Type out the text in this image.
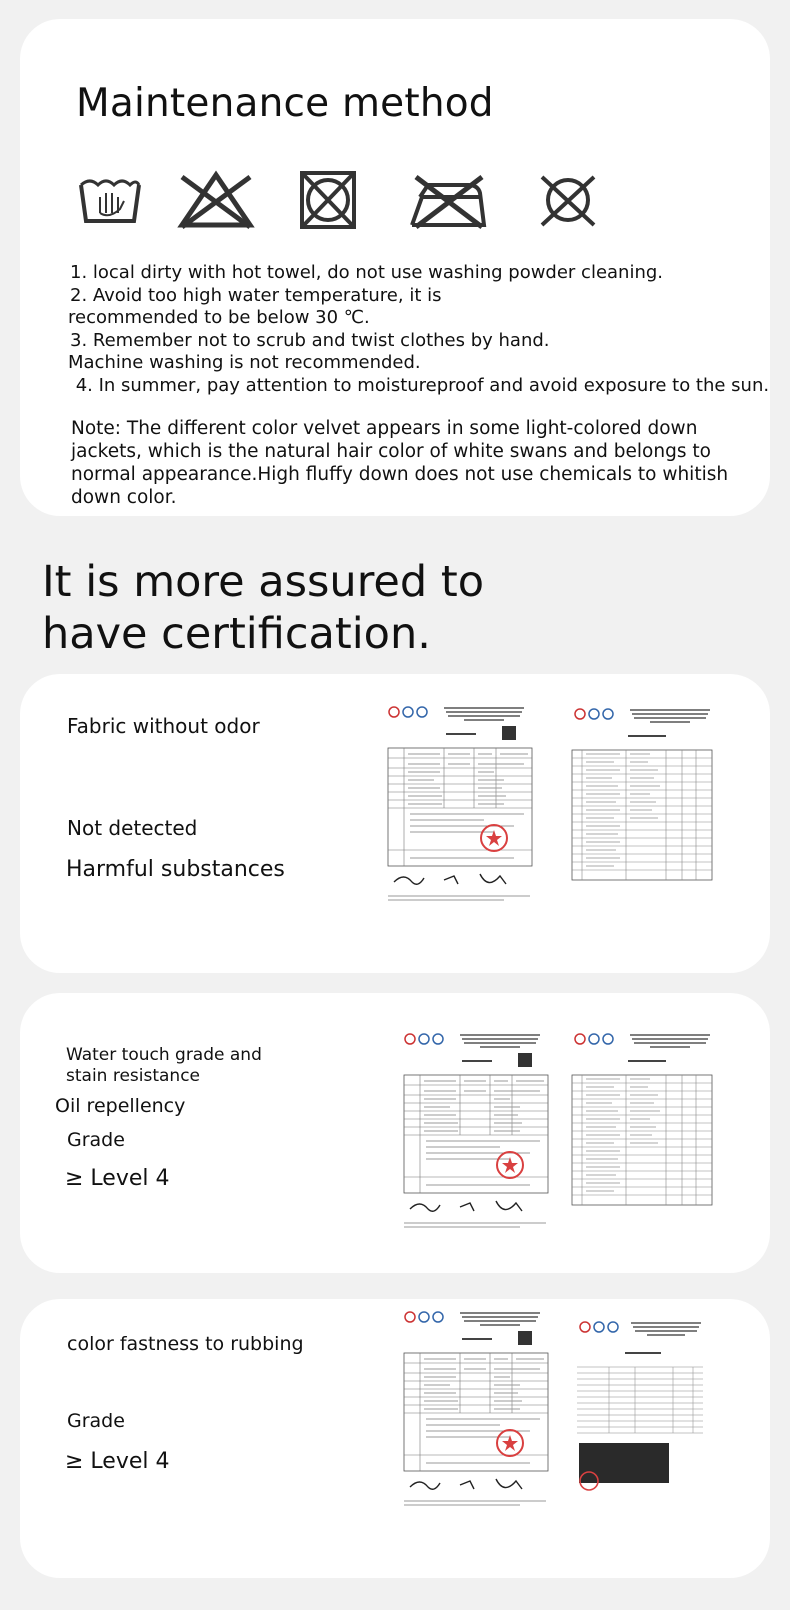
Maintenance method
1. local dirty with hot towel, do not use washing powder cleaning.
2. Avoid too high water temperature, it is
recommended to be below 30 ℃.
3. Remember not to scrub and twist clothes by hand.
Machine washing is not recommended.
4. In summer, pay attention to moistureproof and avoid exposure to the sun.
Note: The different color velvet appears in some light-colored down jackets, which is the natural hair color of white swans and belongs to normal appearance.High fluffy down does not use chemicals to whitish down color.
It is more assured to
have certification.
Fabric without odor
Not detected
Harmful substances
Water touch grade and
stain resistance
Oil repellency
Grade
≥ Level 4
color fastness to rubbing
Grade
≥ Level 4
